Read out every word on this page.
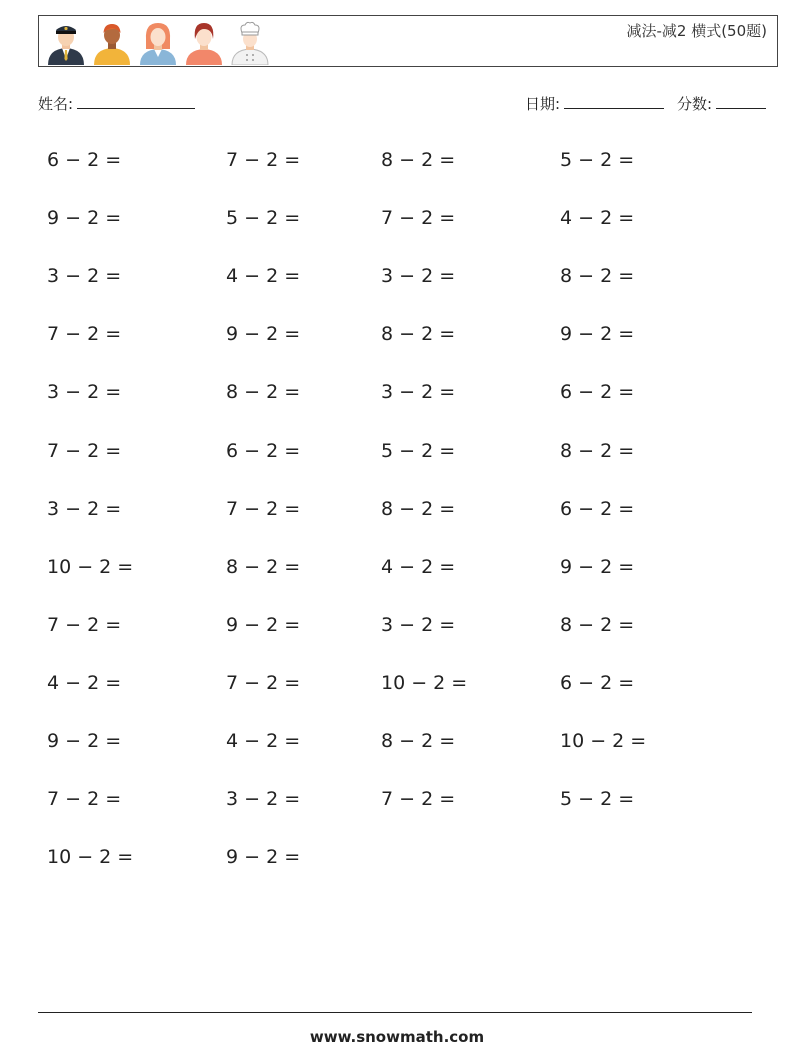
减法-减2 横式(50题)
姓名:	日期:	分数:
6 − 2 =	7 − 2 =	8 − 2 =	5 − 2 =
9 − 2 =	5 − 2 =	7 − 2 =	4 − 2 =
3 − 2 =	4 − 2 =	3 − 2 =	8 − 2 =
7 − 2 =	9 − 2 =	8 − 2 =	9 − 2 =
3 − 2 =	8 − 2 =	3 − 2 =	6 − 2 =
7 − 2 =	6 − 2 =	5 − 2 =	8 − 2 =
3 − 2 =	7 − 2 =	8 − 2 =	6 − 2 =
10 − 2 =	8 − 2 =	4 − 2 =	9 − 2 =
7 − 2 =	9 − 2 =	3 − 2 =	8 − 2 =
4 − 2 =	7 − 2 =	10 − 2 =	6 − 2 =
9 − 2 =	4 − 2 =	8 − 2 =	10 − 2 =
7 − 2 =	3 − 2 =	7 − 2 =	5 − 2 =
10 − 2 =	9 − 2 =
www.snowmath.com
